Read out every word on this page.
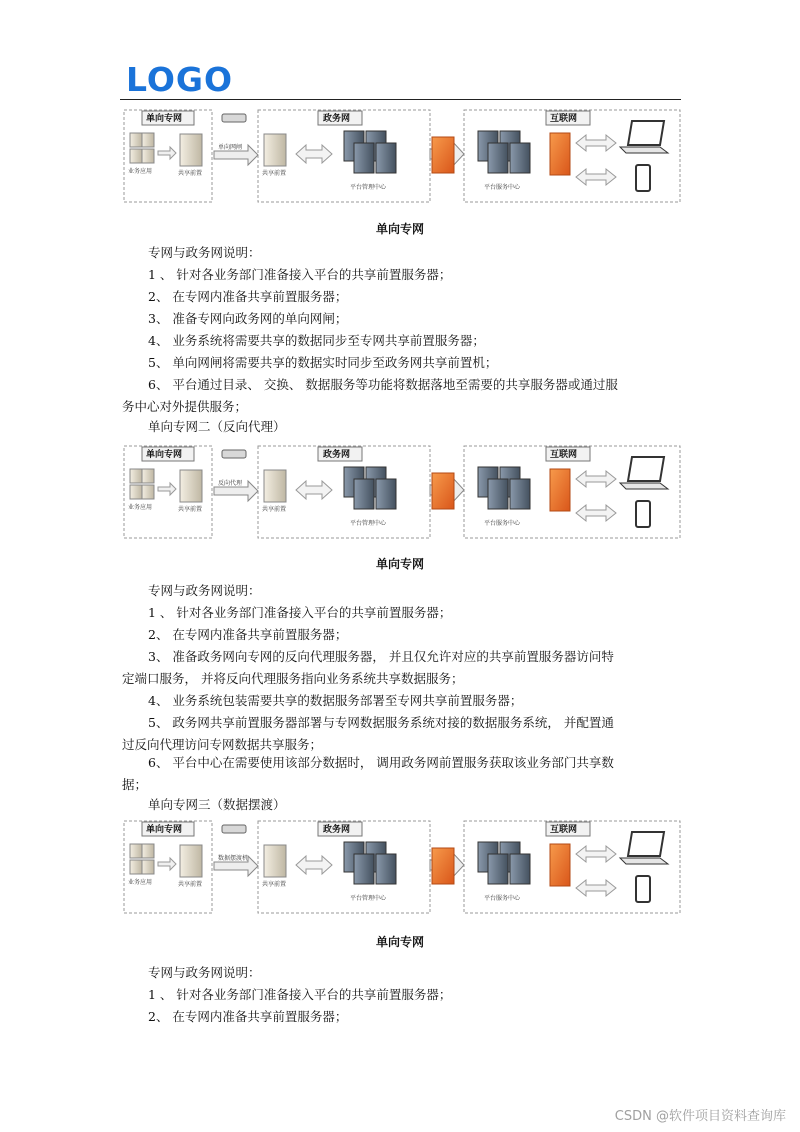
LOGO
单向专网	政务网	互联网
业务应用	共享前置
单向网闸
共享前置
平台管理中心	平台服务中心
单向专网
专网与政务网说明：
1 、 针对各业务部门准备接入平台的共享前置服务器；
2、 在专网内准备共享前置服务器；
3、 准备专网向政务网的单向网闸；
4、 业务系统将需要共享的数据同步至专网共享前置服务器；
5、 单向网闸将需要共享的数据实时同步至政务网共享前置机；
6、 平台通过目录、 交换、 数据服务等功能将数据落地至需要的共享服务器或通过服
务中心对外提供服务；
单向专网二（反向代理）
单向专网	政务网	互联网
业务应用	共享前置
反向代理
共享前置
平台管理中心	平台服务中心
单向专网
专网与政务网说明：
1 、 针对各业务部门准备接入平台的共享前置服务器；
2、 在专网内准备共享前置服务器；
3、 准备政务网向专网的反向代理服务器， 并且仅允许对应的共享前置服务器访问特
定端口服务， 并将反向代理服务指向业务系统共享数据服务；
4、 业务系统包装需要共享的数据服务部署至专网共享前置服务器；
5、 政务网共享前置服务器部署与专网数据服务系统对接的数据服务系统， 并配置通
过反向代理访问专网数据共享服务；
6、 平台中心在需要使用该部分数据时， 调用政务网前置服务获取该业务部门共享数
据；
单向专网三（数据摆渡）
单向专网	政务网	互联网
业务应用	共享前置
数据摆渡机
共享前置
平台管理中心	平台服务中心
单向专网
专网与政务网说明：
1 、 针对各业务部门准备接入平台的共享前置服务器；
2、 在专网内准备共享前置服务器；
CSDN @软件项目资料查询库
